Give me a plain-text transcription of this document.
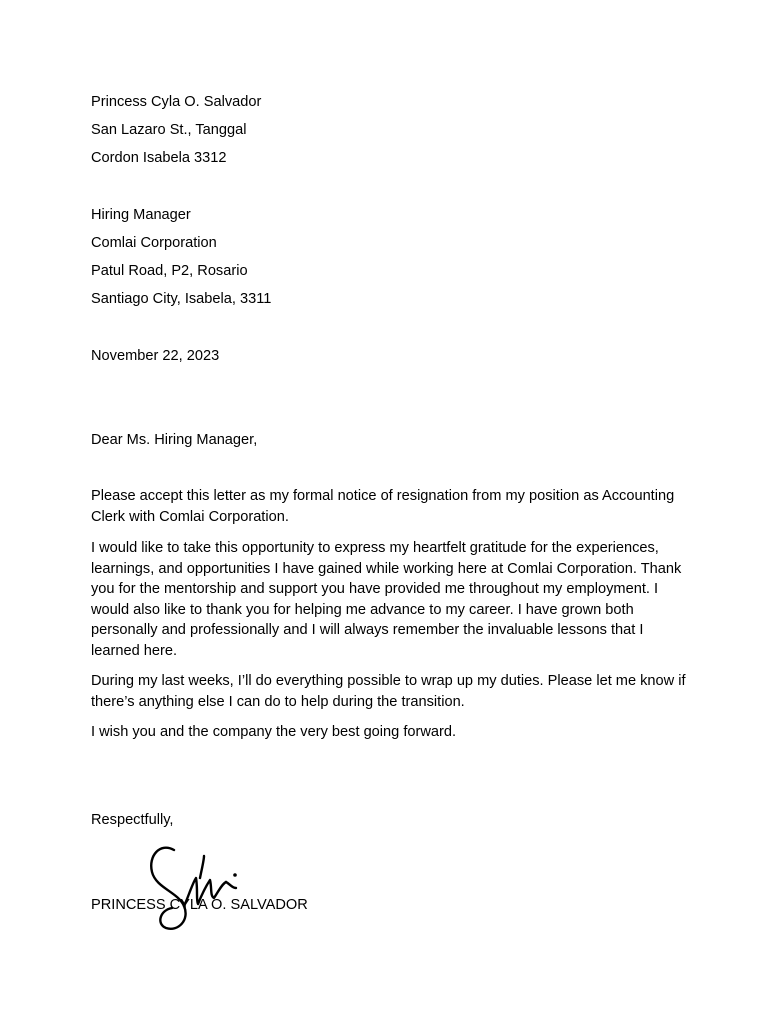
Princess Cyla O. Salvador
San Lazaro St., Tanggal
Cordon Isabela 3312
Hiring Manager
Comlai Corporation
Patul Road, P2, Rosario
Santiago City, Isabela, 3311
November 22, 2023
Dear Ms. Hiring Manager,
Please accept this letter as my formal notice of resignation from my position as Accounting Clerk with Comlai Corporation.
I would like to take this opportunity to express my heartfelt gratitude for the experiences, learnings, and opportunities I have gained while working here at Comlai Corporation. Thank you for the mentorship and support you have provided me throughout my employment. I would also like to thank you for helping me advance to my career. I have grown both personally and professionally and I will always remember the invaluable lessons that I learned here.
During my last weeks, I’ll do everything possible to wrap up my duties. Please let me know if there’s anything else I can do to help during the transition.
I wish you and the company the very best going forward.
Respectfully,
PRINCESS CYLA O. SALVADOR
